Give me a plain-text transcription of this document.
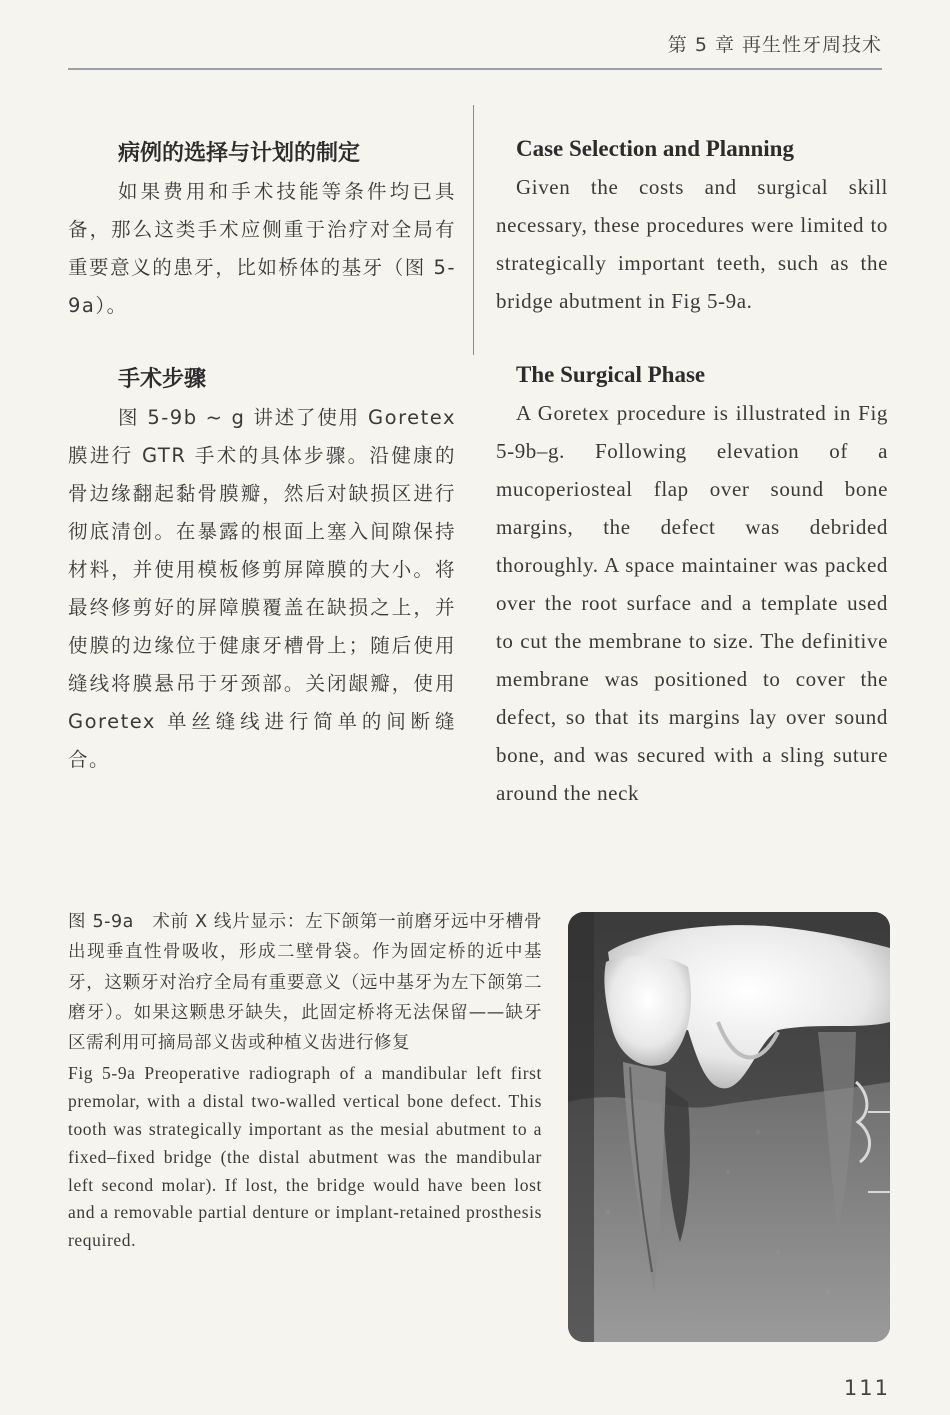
第 5 章 再生性牙周技术
病例的选择与计划的制定

如果费用和手术技能等条件均已具备，那么这类手术应侧重于治疗对全局有重要意义的患牙，比如桥体的基牙（图 5-9a）。

Case Selection and Planning

Given the costs and surgical skill necessary, these procedures were limited to strategically important teeth, such as the bridge abutment in Fig 5-9a.

手术步骤

图 5-9b ~ g 讲述了使用 Goretex 膜进行 GTR 手术的具体步骤。沿健康的骨边缘翻起黏骨膜瓣，然后对缺损区进行彻底清创。在暴露的根面上塞入间隙保持材料，并使用模板修剪屏障膜的大小。将最终修剪好的屏障膜覆盖在缺损之上，并使膜的边缘位于健康牙槽骨上；随后使用缝线将膜悬吊于牙颈部。关闭龈瓣，使用 Goretex 单丝缝线进行简单的间断缝合。

The Surgical Phase

A Goretex procedure is illustrated in Fig 5-9b–g. Following elevation of a mucoperiosteal flap over sound bone margins, the defect was debrided thoroughly. A space maintainer was packed over the root surface and a template used to cut the membrane to size. The definitive membrane was positioned to cover the defect, so that its margins lay over sound bone, and was secured with a sling suture around the neck

图 5-9a　术前 X 线片显示：左下颌第一前磨牙远中牙槽骨出现垂直性骨吸收，形成二壁骨袋。作为固定桥的近中基牙，这颗牙对治疗全局有重要意义（远中基牙为左下颌第二磨牙）。如果这颗患牙缺失，此固定桥将无法保留——缺牙区需利用可摘局部义齿或种植义齿进行修复

Fig 5-9a Preoperative radiograph of a mandibular left first premolar, with a distal two-walled vertical bone defect. This tooth was strategically important as the mesial abutment to a fixed–fixed bridge (the distal abutment was the mandibular left second molar). If lost, the bridge would have been lost and a removable partial denture or implant-retained prosthesis required.

111
